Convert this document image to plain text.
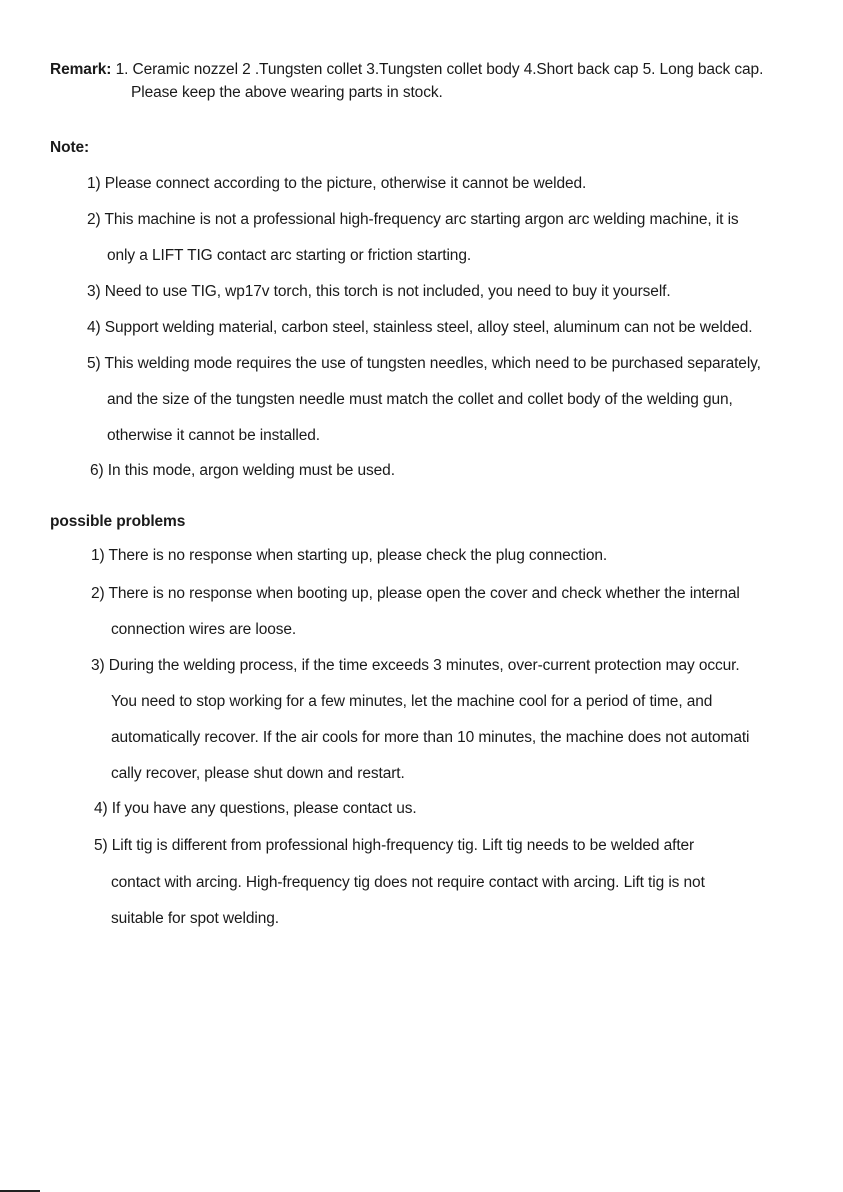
Remark: 1. Ceramic nozzel 2 .Tungsten collet 3.Tungsten collet body 4.Short back cap 5. Long back cap.
Please keep the above wearing parts in stock.
Note:
1) Please connect according to the picture, otherwise it cannot be welded.
2) This machine is not a professional high-frequency arc starting argon arc welding machine, it is
only a LIFT TIG contact arc starting or friction starting.
3) Need to use TIG, wp17v torch, this torch is not included, you need to buy it yourself.
4) Support welding material, carbon steel, stainless steel, alloy steel, aluminum can not be welded.
5) This welding mode requires the use of tungsten needles, which need to be purchased separately,
and the size of the tungsten needle must match the collet and collet body of the welding gun,
otherwise it cannot be installed.
6) In this mode, argon welding must be used.
possible problems
1) There is no response when starting up, please check the plug connection.
2) There is no response when booting up, please open the cover and check whether the internal
connection wires are loose.
3) During the welding process, if the time exceeds 3 minutes, over-current protection may occur.
You need to stop working for a few minutes, let the machine cool for a period of time, and
automatically recover. If the air cools for more than 10 minutes, the machine does not automati
cally recover, please shut down and restart.
4) If you have any questions, please contact us.
5) Lift tig is different from professional high-frequency tig. Lift tig needs to be welded after
contact with arcing. High-frequency tig does not require contact with arcing. Lift tig is not
suitable for spot welding.
